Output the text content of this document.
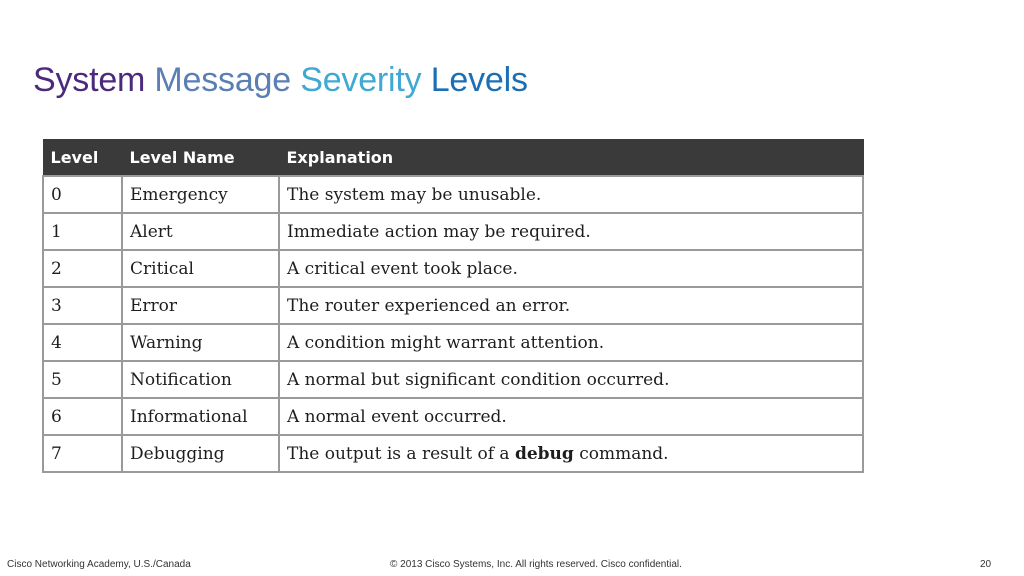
System Message Severity Levels
Level	Level Name	Explanation
0	Emergency	The system may be unusable.
1	Alert	Immediate action may be required.
2	Critical	A critical event took place.
3	Error	The router experienced an error.
4	Warning	A condition might warrant attention.
5	Notification	A normal but significant condition occurred.
6	Informational	A normal event occurred.
7	Debugging	The output is a result of a debug command.
Cisco Networking Academy, U.S./Canada	© 2013 Cisco Systems, Inc. All rights reserved. Cisco confidential.	20
